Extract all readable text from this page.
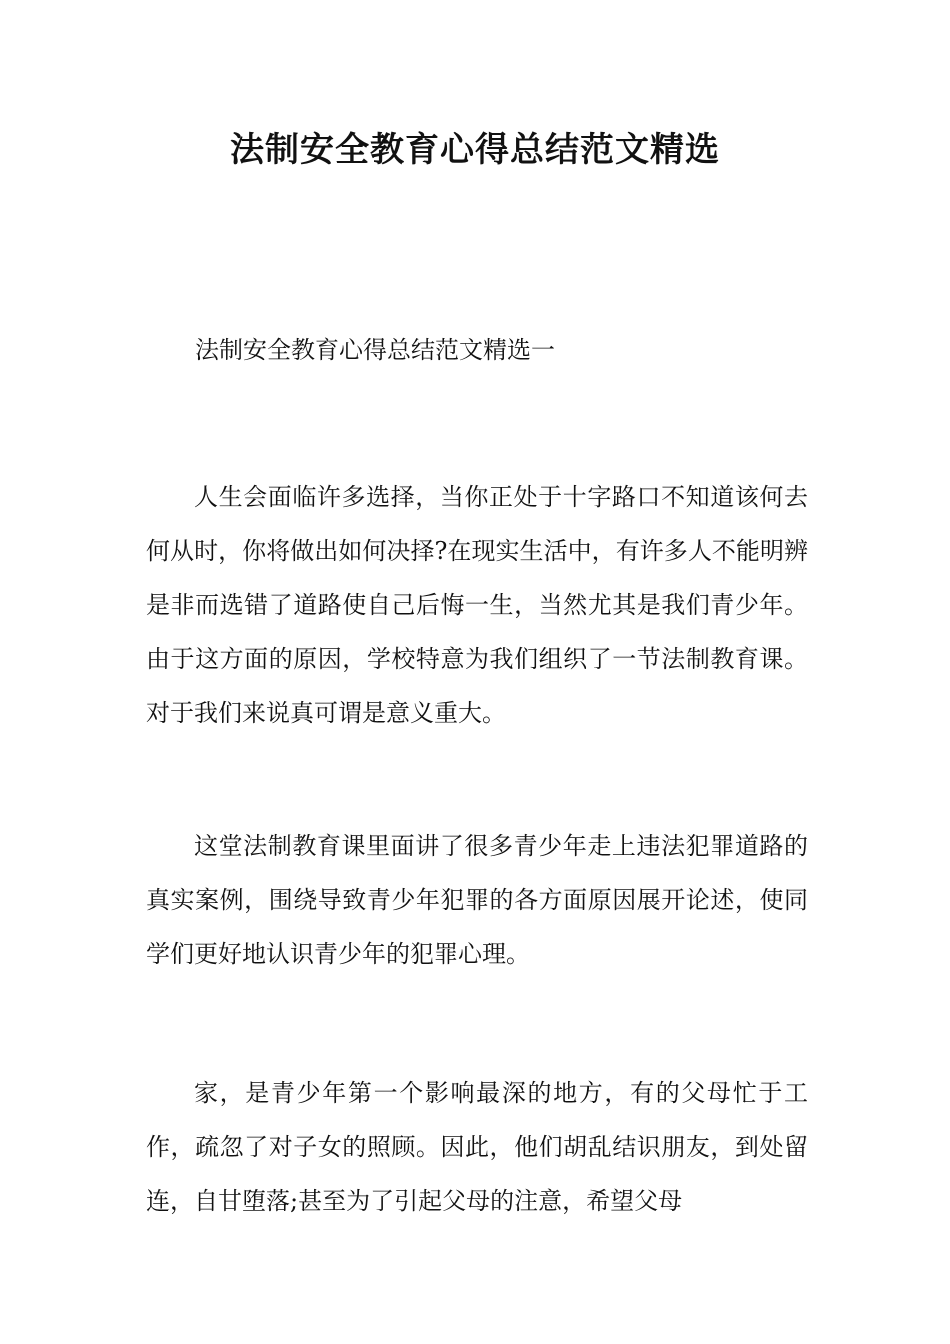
法制安全教育心得总结范文精选
法制安全教育心得总结范文精选一

人生会面临许多选择，当你正处于十字路口不知道该何去何从时，你将做出如何决择?在现实生活中，有许多人不能明辨是非而选错了道路使自己后悔一生，当然尤其是我们青少年。由于这方面的原因，学校特意为我们组织了一节法制教育课。对于我们来说真可谓是意义重大。

这堂法制教育课里面讲了很多青少年走上违法犯罪道路的真实案例，围绕导致青少年犯罪的各方面原因展开论述，使同学们更好地认识青少年的犯罪心理。

家，是青少年第一个影响最深的地方，有的父母忙于工作，疏忽了对子女的照顾。因此，他们胡乱结识朋友，到处留连，自甘堕落;甚至为了引起父母的注意，希望父母
